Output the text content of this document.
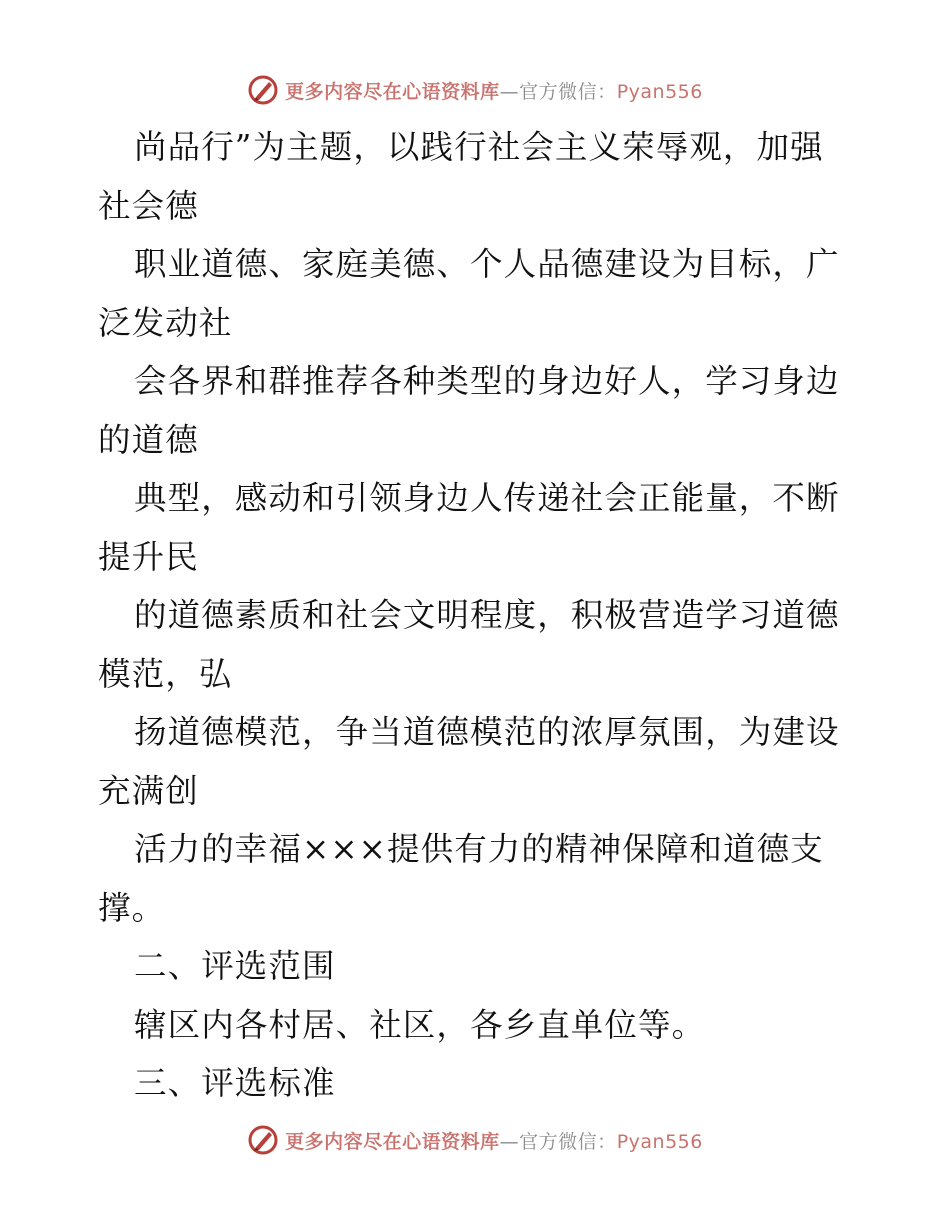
更多内容尽在心语资料库—官方微信：Pyan556
尚品行”为主题，以践行社会主义荣辱观，加强
社会德
职业道德、家庭美德、个人品德建设为目标，广
泛发动社
会各界和群推荐各种类型的身边好人，学习身边
的道德
典型，感动和引领身边人传递社会正能量，不断
提升民
的道德素质和社会文明程度，积极营造学习道德
模范，弘
扬道德模范，争当道德模范的浓厚氛围，为建设
充满创
活力的幸福×××提供有力的精神保障和道德支
撑。
二、评选范围
辖区内各村居、社区，各乡直单位等。
三、评选标准
更多内容尽在心语资料库—官方微信：Pyan556
